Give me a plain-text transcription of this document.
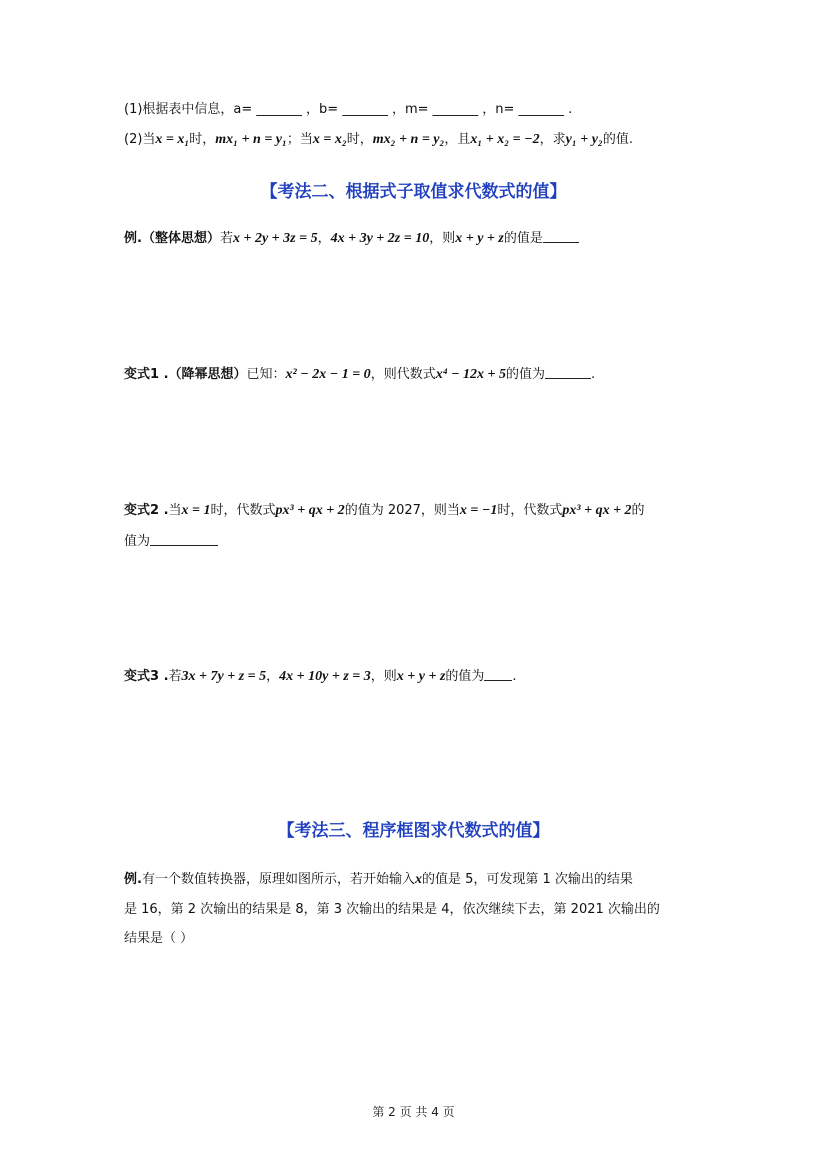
(1)根据表中信息，a= _______ ，b= _______ ，m= _______ ，n= _______ .
(2)当x = x₁时，mx₁ + n = y₁；当x = x₂时，mx₂ + n = y₂，且x₁ + x₂ = −2，求y₁ + y₂的值.
【考法二、根据式子取值求代数式的值】
例.（整体思想）若x + 2y + 3z = 5，4x + 3y + 2z = 10，则x + y + z的值是
变式1 .（降幂思想）已知：x² − 2x − 1 = 0，则代数式x⁴ − 12x + 5的值为	.
变式2 .当x = 1时，代数式px³ + qx + 2的值为 2027，则当x = −1时，代数式px³ + qx + 2的
值为
变式3 .若3x + 7y + z = 5，4x + 10y + z = 3，则x + y + z的值为 .
【考法三、程序框图求代数式的值】
例.有一个数值转换器，原理如图所示，若开始输入x的值是 5，可发现第 1 次输出的结果
是 16，第 2 次输出的结果是 8，第 3 次输出的结果是 4，依次继续下去，第 2021 次输出的
结果是（ ）
第 2 页 共 4 页
